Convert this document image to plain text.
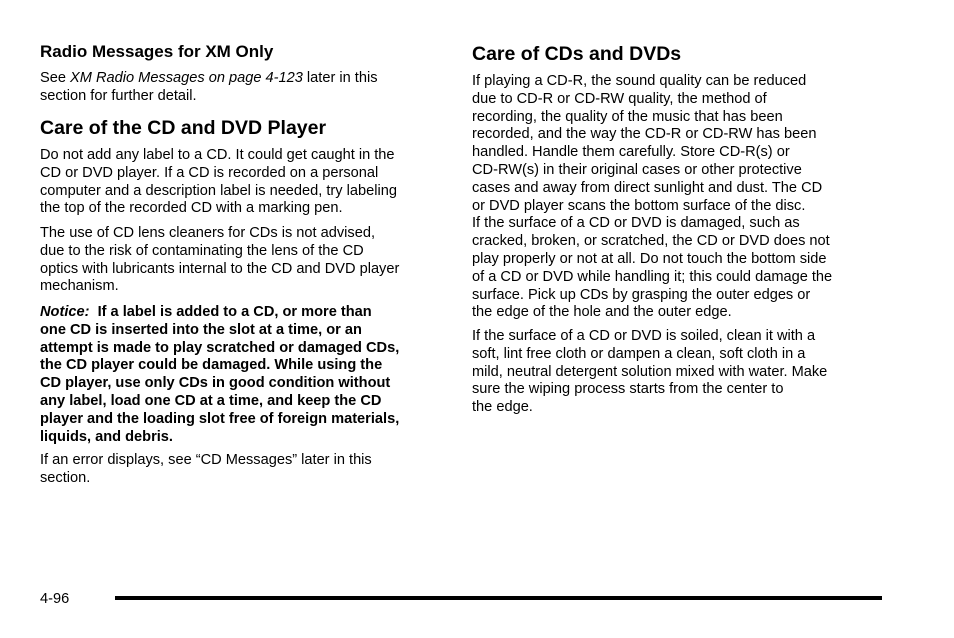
Radio Messages for XM Only

See XM Radio Messages on page 4-123 later in this
section for further detail.

Care of the CD and DVD Player

Do not add any label to a CD. It could get caught in the
CD or DVD player. If a CD is recorded on a personal
computer and a description label is needed, try labeling
the top of the recorded CD with a marking pen.

The use of CD lens cleaners for CDs is not advised,
due to the risk of contaminating the lens of the CD
optics with lubricants internal to the CD and DVD player
mechanism.

Notice: If a label is added to a CD, or more than
one CD is inserted into the slot at a time, or an
attempt is made to play scratched or damaged CDs,
the CD player could be damaged. While using the
CD player, use only CDs in good condition without
any label, load one CD at a time, and keep the CD
player and the loading slot free of foreign materials,
liquids, and debris.

If an error displays, see “CD Messages” later in this
section.

Care of CDs and DVDs

If playing a CD-R, the sound quality can be reduced
due to CD-R or CD-RW quality, the method of
recording, the quality of the music that has been
recorded, and the way the CD-R or CD-RW has been
handled. Handle them carefully. Store CD-R(s) or
CD-RW(s) in their original cases or other protective
cases and away from direct sunlight and dust. The CD
or DVD player scans the bottom surface of the disc.
If the surface of a CD or DVD is damaged, such as
cracked, broken, or scratched, the CD or DVD does not
play properly or not at all. Do not touch the bottom side
of a CD or DVD while handling it; this could damage the
surface. Pick up CDs by grasping the outer edges or
the edge of the hole and the outer edge.

If the surface of a CD or DVD is soiled, clean it with a
soft, lint free cloth or dampen a clean, soft cloth in a
mild, neutral detergent solution mixed with water. Make
sure the wiping process starts from the center to
the edge.

4-96
